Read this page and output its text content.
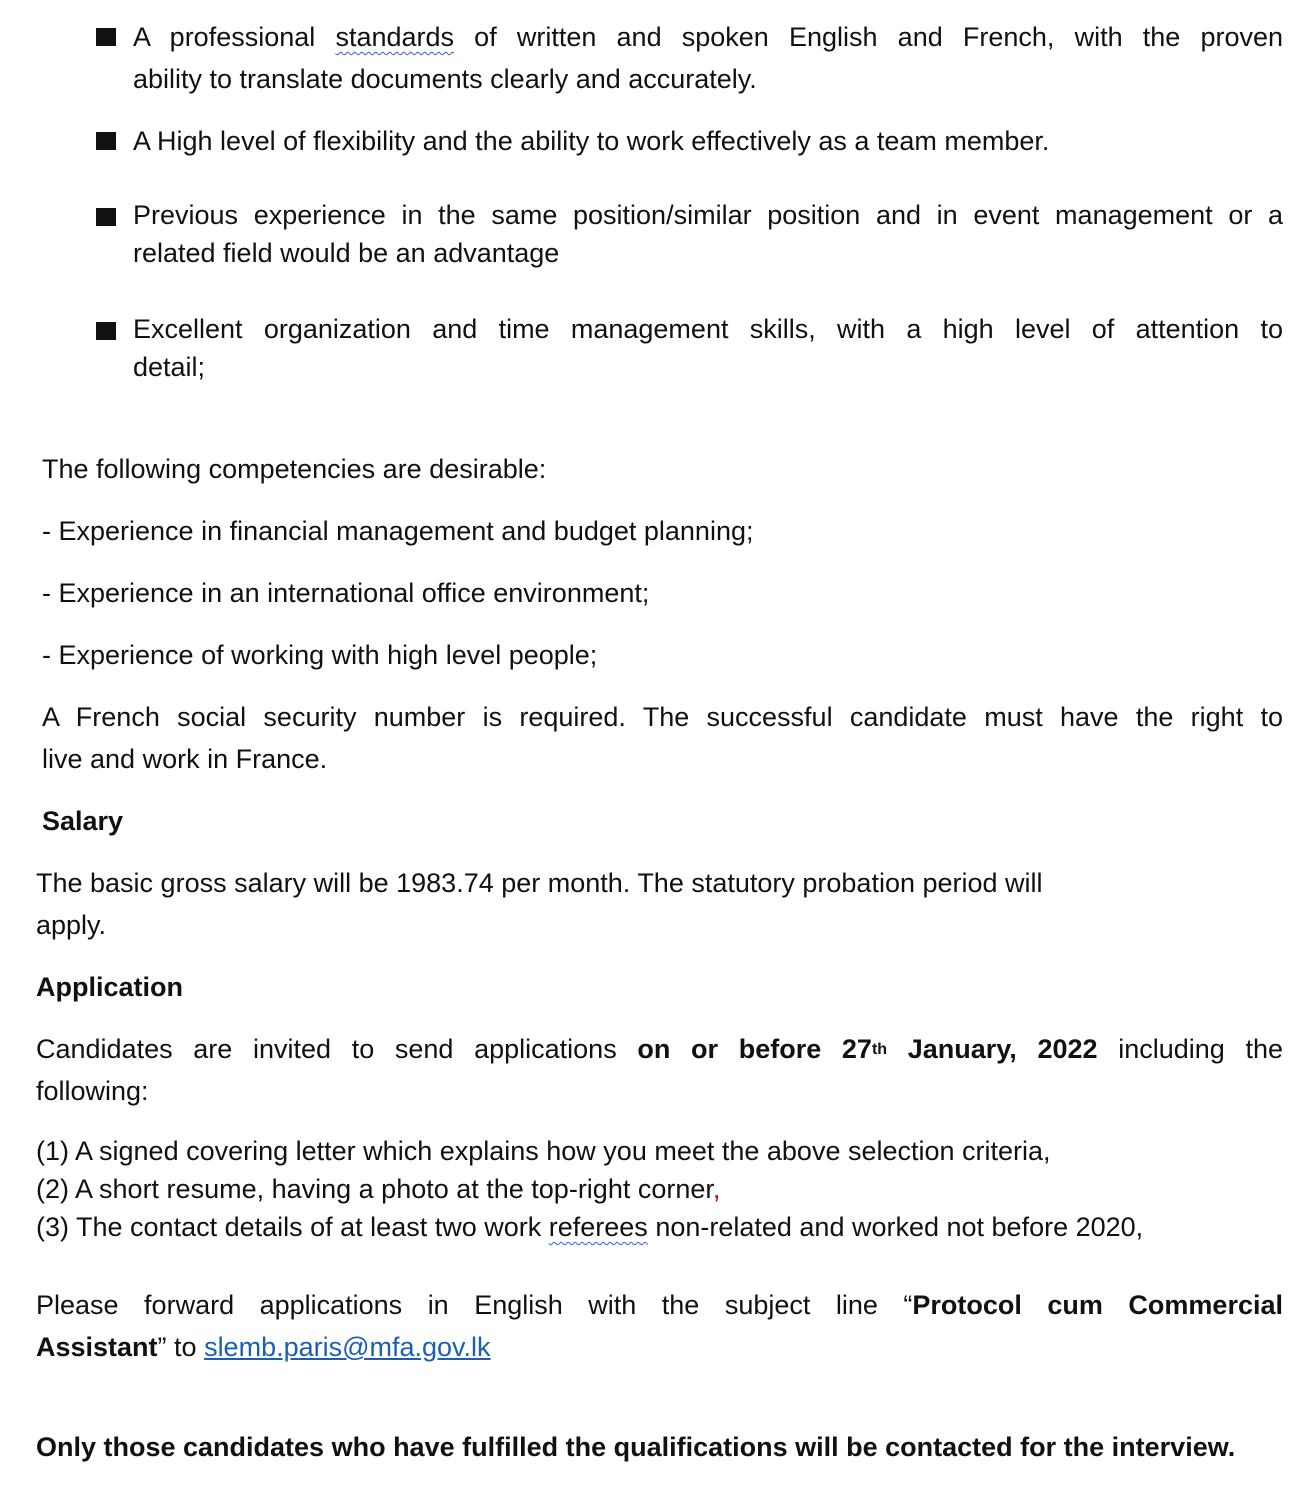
A professional standards of written and spoken English and French, with the proven
ability to translate documents clearly and accurately.
A High level of flexibility and the ability to work effectively as a team member.
Previous experience in the same position/similar position and in event management or a
related field would be an advantage
Excellent organization and time management skills, with a high level of attention to
detail;
The following competencies are desirable:
- Experience in financial management and budget planning;
- Experience in an international office environment;
- Experience of working with high level people;
A French social security number is required. The successful candidate must have the right to
live and work in France.
Salary
The basic gross salary will be 1983.74 per month. The statutory probation period will
apply.
Application
Candidates are invited to send applications on or before 27th January, 2022 including the
following:
(1) A signed covering letter which explains how you meet the above selection criteria,
(2) A short resume, having a photo at the top-right corner,
(3) The contact details of at least two work referees non-related and worked not before 2020,
Please forward applications in English with the subject line “Protocol cum Commercial
Assistant” to slemb.paris@mfa.gov.lk
Only those candidates who have fulfilled the qualifications will be contacted for the interview.
